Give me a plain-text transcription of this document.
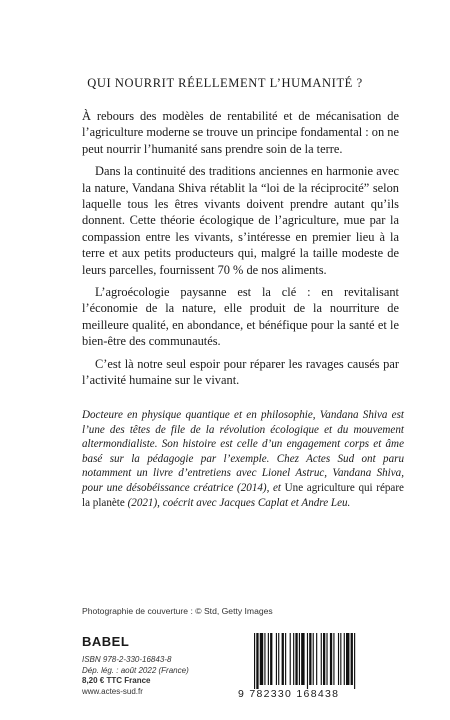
QUI NOURRIT RÉELLEMENT L’HUMANITÉ ?

À rebours des modèles de rentabilité et de mécanisation de l’agriculture moderne se trouve un principe fondamental : on ne peut nourrir l’humanité sans prendre soin de la terre.

Dans la continuité des traditions anciennes en harmonie avec la nature, Vandana Shiva rétablit la “loi de la réciprocité” selon laquelle tous les êtres vivants doivent prendre autant qu’ils donnent. Cette théorie écologique de l’agriculture, mue par la compassion entre les vivants, s’intéresse en premier lieu à la terre et aux petits producteurs qui, malgré la taille modeste de leurs parcelles, fournissent 70 % de nos aliments.

L’agroécologie paysanne est la clé : en revitalisant l’économie de la nature, elle produit de la nourriture de meilleure qualité, en abondance, et bénéfique pour la santé et le bien-être des communautés.

C’est là notre seul espoir pour réparer les ravages causés par l’activité humaine sur le vivant.

Docteure en physique quantique et en philosophie, Vandana Shiva est l’une des têtes de file de la révolution écologique et du mouvement altermondialiste. Son histoire est celle d’un engagement corps et âme basé sur la pédagogie par l’exemple. Chez Actes Sud ont paru notamment un livre d’entretiens avec Lionel Astruc, Vandana Shiva, pour une désobéissance créatrice (2014), et Une agriculture qui répare la planète (2021), coécrit avec Jacques Caplat et Andre Leu.
Photographie de couverture : © Std, Getty Images
BABEL
ISBN 978-2-330-16843-8
Dép. lég. : août 2022 (France)
8,20 € TTC France
www.actes-sud.fr	9 782330 168438
